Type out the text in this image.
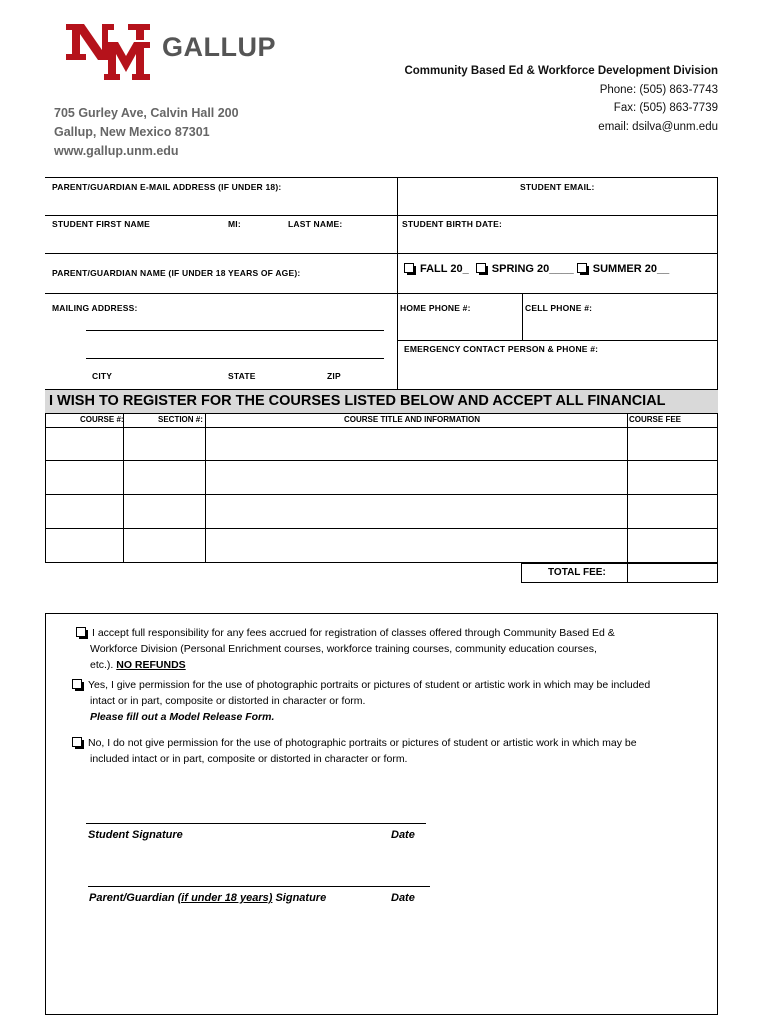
GALLUP
Community Based Ed & Workforce Development Division
Phone: (505) 863-7743
Fax: (505) 863-7739
email: dsilva@unm.edu
705 Gurley Ave, Calvin Hall 200
Gallup, New Mexico 87301
www.gallup.unm.edu
PARENT/GUARDIAN E-MAIL ADDRESS (IF UNDER 18):	STUDENT EMAIL:
STUDENT FIRST NAME	MI:	LAST NAME:	STUDENT BIRTH DATE:
PARENT/GUARDIAN NAME (IF UNDER 18 YEARS OF AGE):	FALL 20_ SPRING 20____ SUMMER 20__
MAILING ADDRESS:
CITY	STATE	ZIP
HOME PHONE #:	CELL PHONE #:
EMERGENCY CONTACT PERSON & PHONE #:
I WISH TO REGISTER FOR THE COURSES LISTED BELOW AND ACCEPT ALL FINANCIAL
COURSE #:	SECTION #:	COURSE TITLE AND INFORMATION	COURSE FEE
TOTAL FEE:
I accept full responsibility for any fees accrued for registration of classes offered through Community Based Ed &
Workforce Division (Personal Enrichment courses, workforce training courses, community education courses,
etc.). NO REFUNDS
Yes, I give permission for the use of photographic portraits or pictures of student or artistic work in which may be included
intact or in part, composite or distorted in character or form.
Please fill out a Model Release Form.
No, I do not give permission for the use of photographic portraits or pictures of student or artistic work in which may be
included intact or in part, composite or distorted in character or form.
Student Signature	Date
Parent/Guardian (if under 18 years) Signature	Date
